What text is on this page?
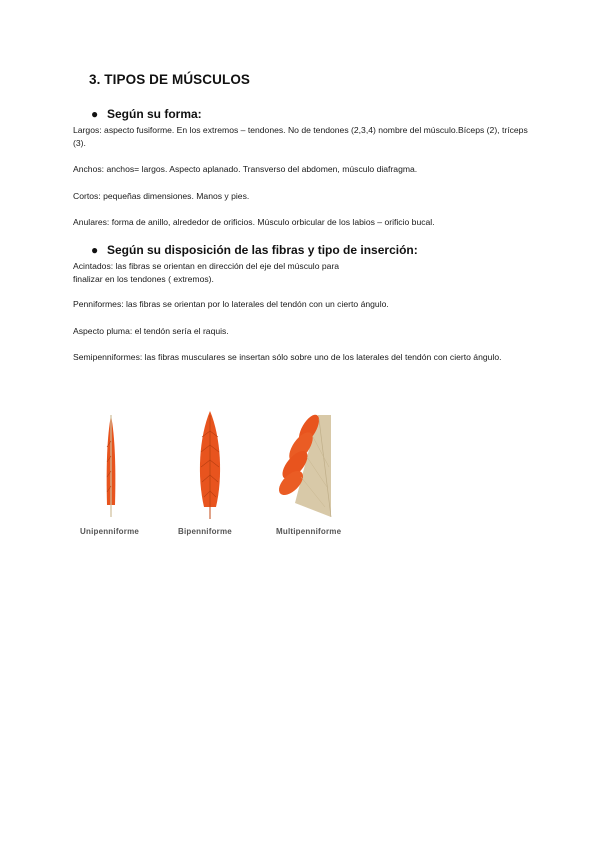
3. TIPOS DE MÚSCULOS
● Según su forma:
Largos: aspecto fusiforme. En los extremos – tendones. No de tendones (2,3,4) nombre del músculo.Bíceps (2), tríceps (3).
Anchos: anchos= largos. Aspecto aplanado. Transverso del abdomen, músculo diafragma.
Cortos: pequeñas dimensiones. Manos y pies.
Anulares: forma de anillo, alrededor de orificios. Músculo orbicular de los labios – orificio bucal.
● Según su disposición de las fibras y tipo de inserción:
Acintados: las fibras se orientan en dirección del eje del músculo para
finalizar en los tendones ( extremos).
Penniformes: las fibras se orientan por lo laterales del tendón con un cierto ángulo.
Aspecto pluma: el tendón sería el raquis.
Semipenniformes: las fibras musculares se insertan sólo sobre uno de los laterales del tendón con cierto ángulo.
Unipenniforme	Bipenniforme	Multipenniforme
